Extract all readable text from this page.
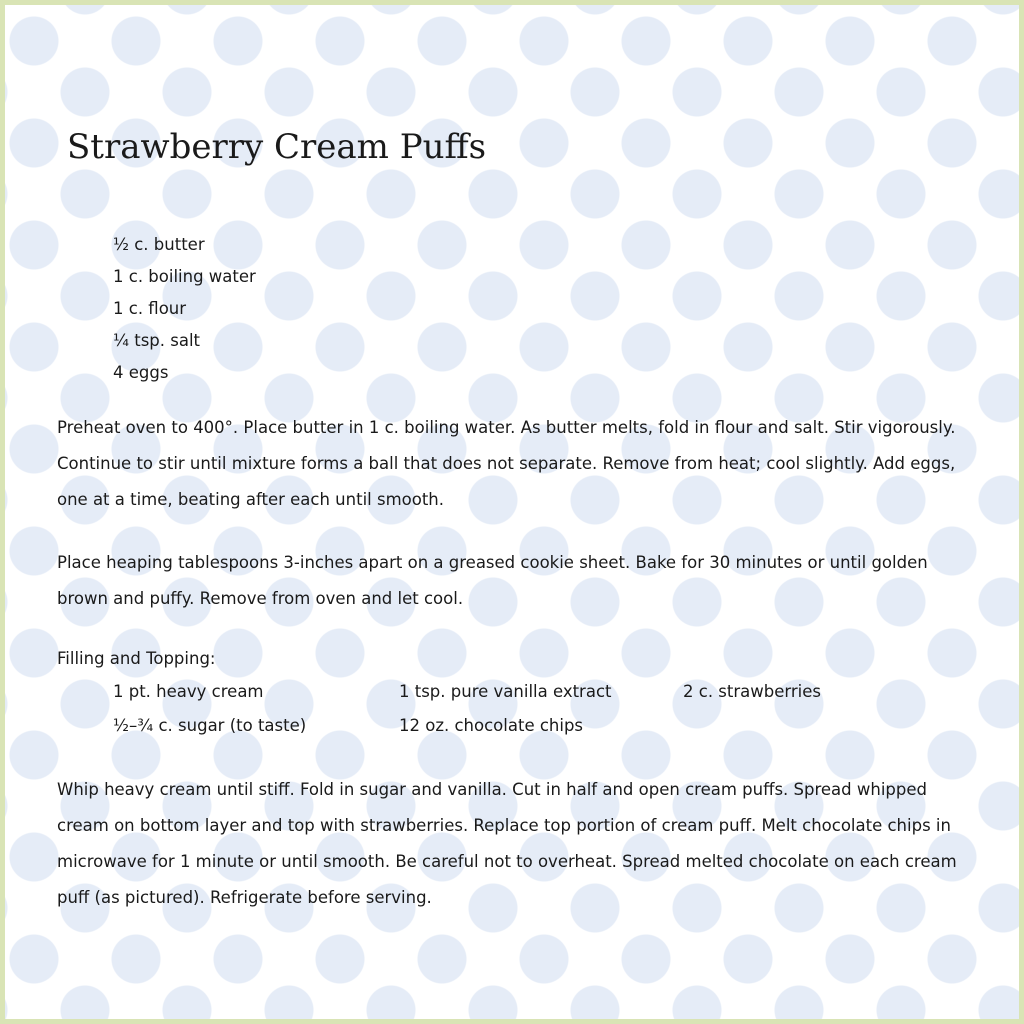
Strawberry Cream Puffs
½ c. butter
1 c. boiling water
1 c. flour
¼ tsp. salt
4 eggs

Preheat oven to 400°. Place butter in 1 c. boiling water. As butter melts, fold in flour and salt. Stir vigorously. Continue to stir until mixture forms a ball that does not separate. Remove from heat; cool slightly. Add eggs, one at a time, beating after each until smooth.

Place heaping tablespoons 3-inches apart on a greased cookie sheet. Bake for 30 minutes or until golden brown and puffy. Remove from oven and let cool.

Filling and Topping:

1 pt. heavy cream	1 tsp. pure vanilla extract	2 c. strawberries
½–¾ c. sugar (to taste)	12 oz. chocolate chips

Whip heavy cream until stiff. Fold in sugar and vanilla. Cut in half and open cream puffs. Spread whipped cream on bottom layer and top with strawberries. Replace top portion of cream puff. Melt chocolate chips in microwave for 1 minute or until smooth. Be careful not to overheat. Spread melted chocolate on each cream puff (as pictured). Refrigerate before serving.
